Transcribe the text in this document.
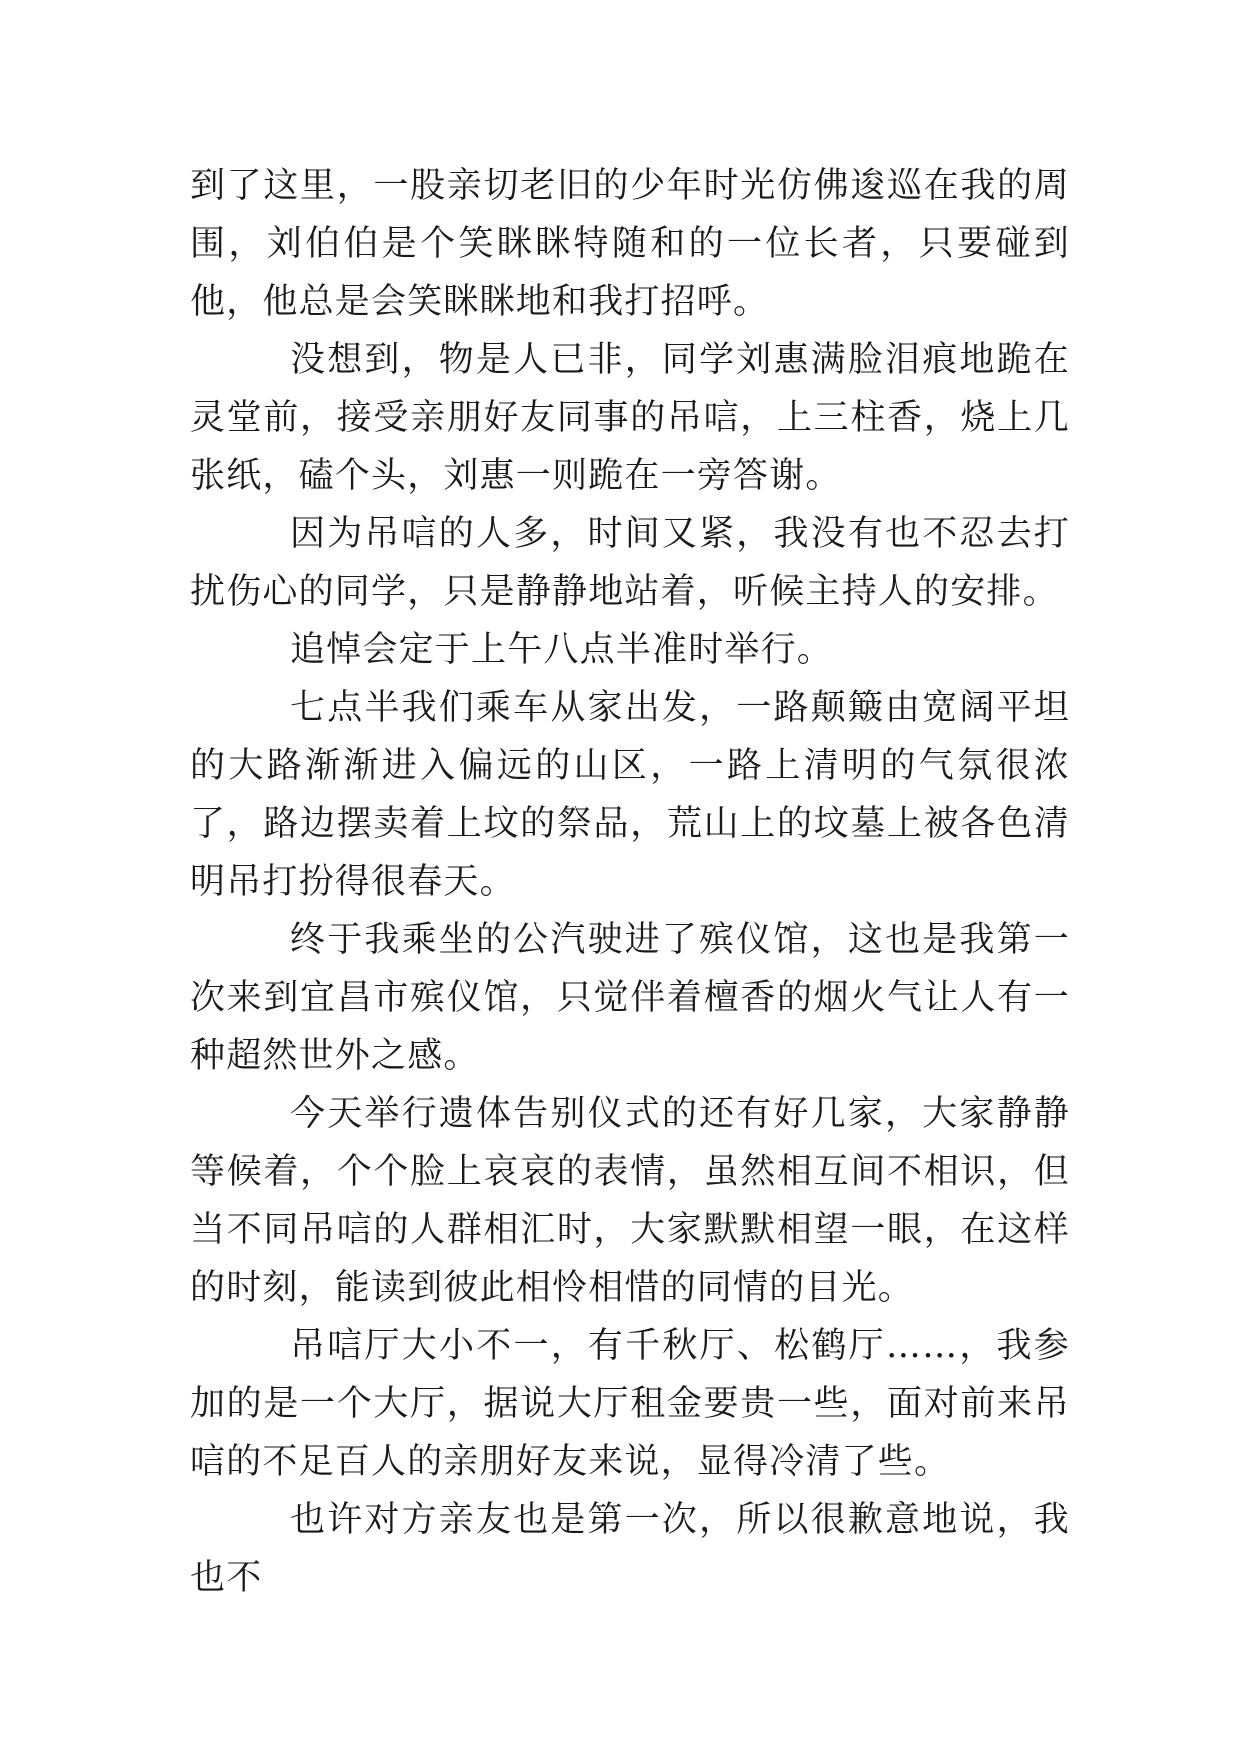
到了这里，一股亲切老旧的少年时光仿佛逡巡在我的周围，刘伯伯是个笑眯眯特随和的一位长者，只要碰到他，他总是会笑眯眯地和我打招呼。

没想到，物是人已非，同学刘惠满脸泪痕地跪在灵堂前，接受亲朋好友同事的吊唁，上三柱香，烧上几张纸，磕个头，刘惠一则跪在一旁答谢。

因为吊唁的人多，时间又紧，我没有也不忍去打扰伤心的同学，只是静静地站着，听候主持人的安排。

追悼会定于上午八点半准时举行。

七点半我们乘车从家出发，一路颠簸由宽阔平坦的大路渐渐进入偏远的山区，一路上清明的气氛很浓了，路边摆卖着上坟的祭品，荒山上的坟墓上被各色清明吊打扮得很春天。

终于我乘坐的公汽驶进了殡仪馆，这也是我第一次来到宜昌市殡仪馆，只觉伴着檀香的烟火气让人有一种超然世外之感。

今天举行遗体告别仪式的还有好几家，大家静静等候着，个个脸上哀哀的表情，虽然相互间不相识，但当不同吊唁的人群相汇时，大家默默相望一眼，在这样的时刻，能读到彼此相怜相惜的同情的目光。

吊唁厅大小不一，有千秋厅、松鹤厅……，我参加的是一个大厅，据说大厅租金要贵一些，面对前来吊唁的不足百人的亲朋好友来说，显得冷清了些。

也许对方亲友也是第一次，所以很歉意地说，我也不
